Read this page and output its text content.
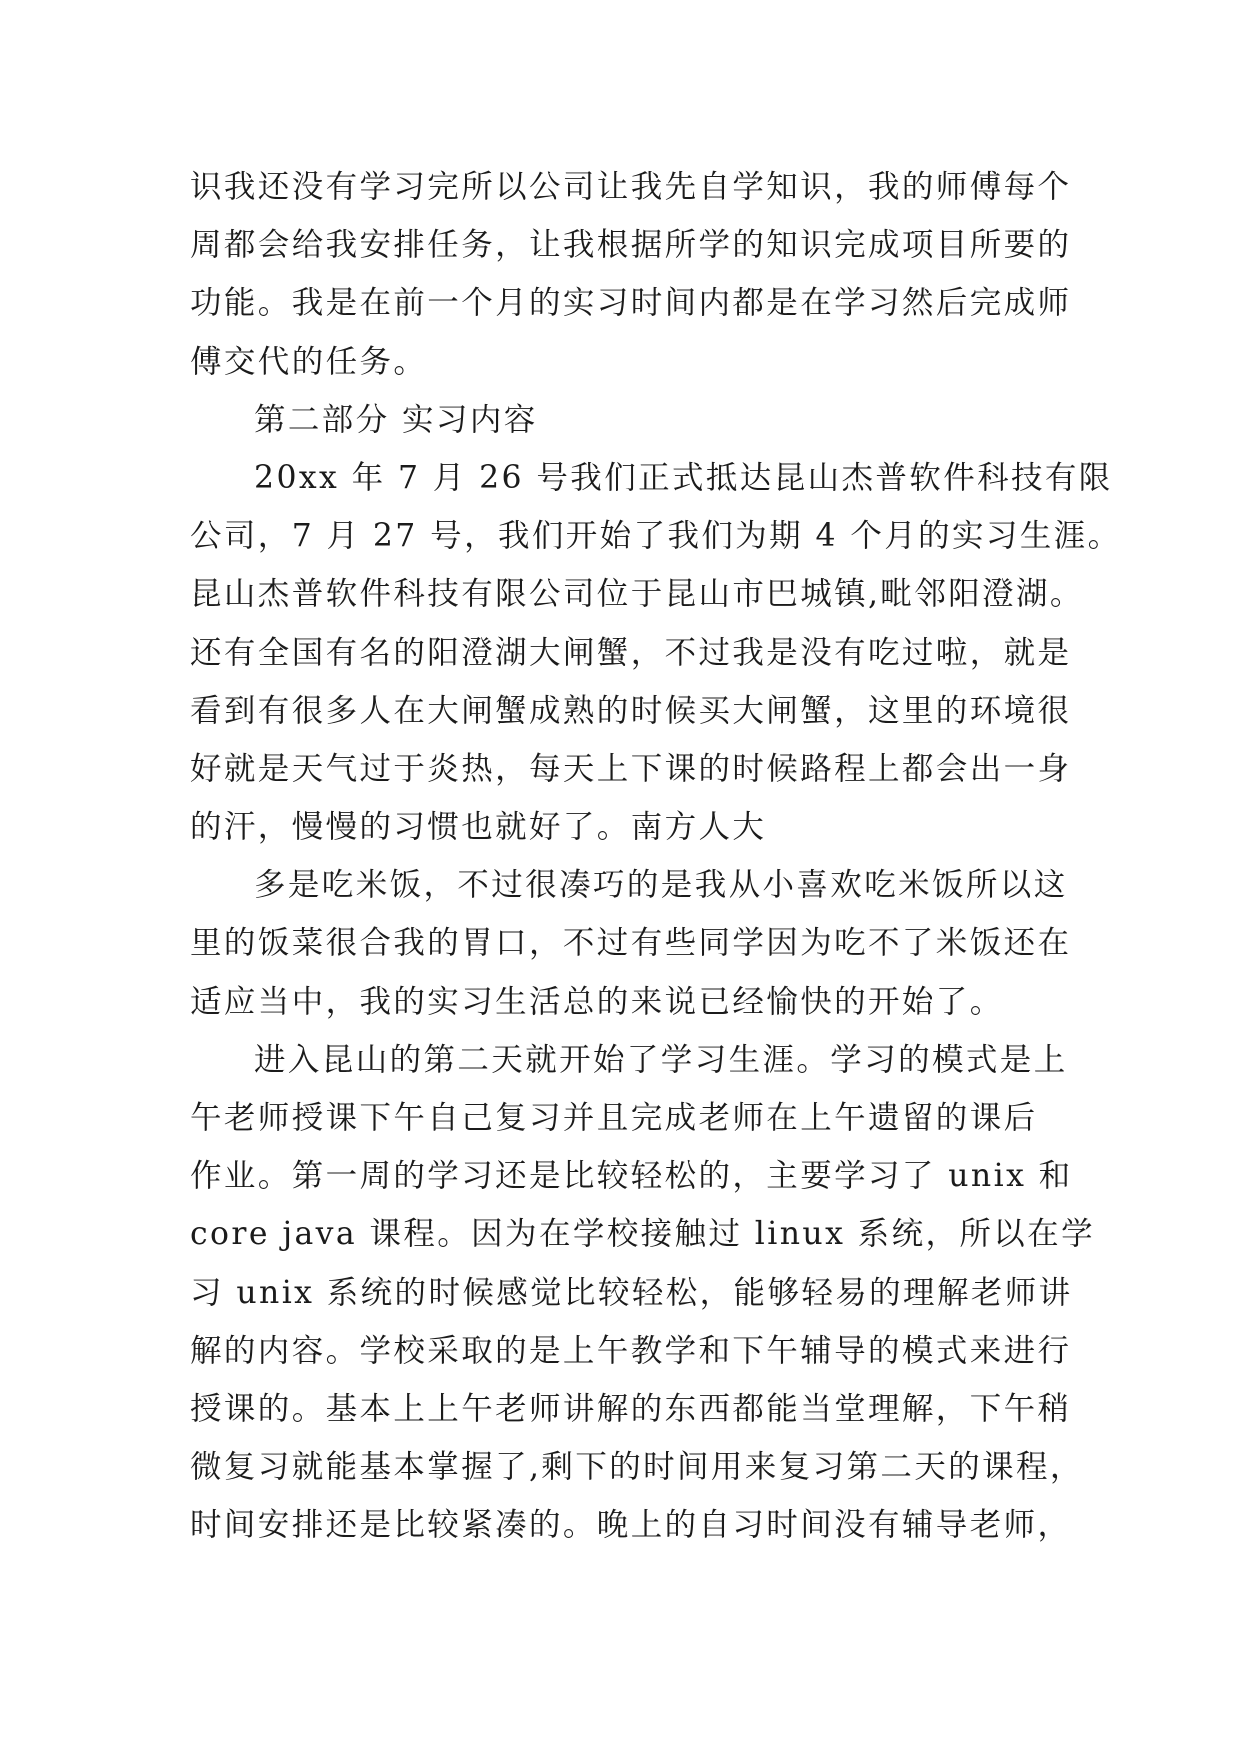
识我还没有学习完所以公司让我先自学知识，我的师傅每个
周都会给我安排任务，让我根据所学的知识完成项目所要的
功能。我是在前一个月的实习时间内都是在学习然后完成师
傅交代的任务。
第二部分 实习内容
20xx 年 7 月 26 号我们正式抵达昆山杰普软件科技有限
公司，7 月 27 号，我们开始了我们为期 4 个月的实习生涯。
昆山杰普软件科技有限公司位于昆山市巴城镇,毗邻阳澄湖。
还有全国有名的阳澄湖大闸蟹，不过我是没有吃过啦，就是
看到有很多人在大闸蟹成熟的时候买大闸蟹，这里的环境很
好就是天气过于炎热，每天上下课的时候路程上都会出一身
的汗，慢慢的习惯也就好了。南方人大
多是吃米饭，不过很凑巧的是我从小喜欢吃米饭所以这
里的饭菜很合我的胃口，不过有些同学因为吃不了米饭还在
适应当中，我的实习生活总的来说已经愉快的开始了。
进入昆山的第二天就开始了学习生涯。学习的模式是上
午老师授课下午自己复习并且完成老师在上午遗留的课后
作业。第一周的学习还是比较轻松的，主要学习了 unix 和
core java 课程。因为在学校接触过 linux 系统，所以在学
习 unix 系统的时候感觉比较轻松，能够轻易的理解老师讲
解的内容。学校采取的是上午教学和下午辅导的模式来进行
授课的。基本上上午老师讲解的东西都能当堂理解，下午稍
微复习就能基本掌握了,剩下的时间用来复习第二天的课程，
时间安排还是比较紧凑的。晚上的自习时间没有辅导老师，
